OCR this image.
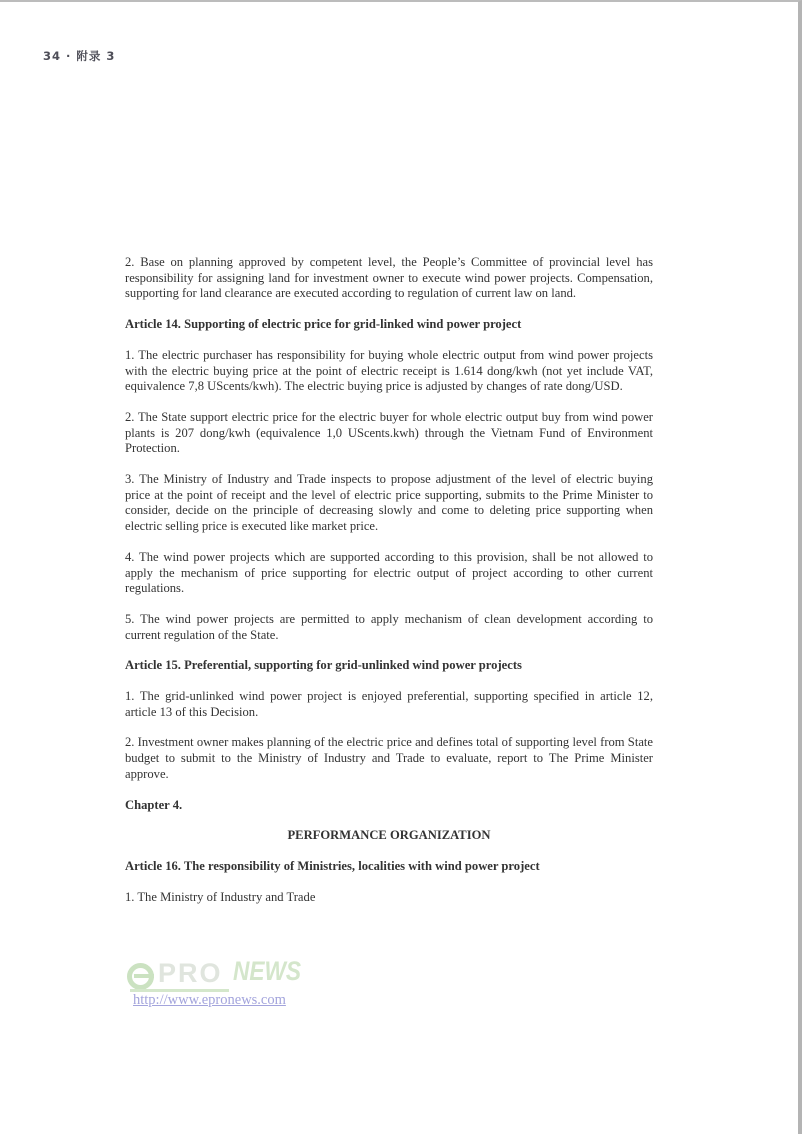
34 · 附录 3

2. Base on planning approved by competent level, the People’s Committee of provincial level has responsibility for assigning land for investment owner to execute wind power projects. Compensation, supporting for land clearance are executed according to regulation of current law on land.

Article 14. Supporting of electric price for grid-linked wind power project

1. The electric purchaser has responsibility for buying whole electric output from wind power projects with the electric buying price at the point of electric receipt is 1.614 dong/kwh (not yet include VAT, equivalence 7,8 UScents/kwh). The electric buying price is adjusted by changes of rate dong/USD.

2. The State support electric price for the electric buyer for whole electric output buy from wind power plants is 207 dong/kwh (equivalence 1,0 UScents.kwh) through the Vietnam Fund of Environment Protection.

3. The Ministry of Industry and Trade inspects to propose adjustment of the level of electric buying price at the point of receipt and the level of electric price supporting, submits to the Prime Minister to consider, decide on the principle of decreasing slowly and come to deleting price supporting when electric selling price is executed like market price.

4. The wind power projects which are supported according to this provision, shall be not allowed to apply the mechanism of price supporting for electric output of project according to other current regulations.

5. The wind power projects are permitted to apply mechanism of clean development according to current regulation of the State.

Article 15. Preferential, supporting for grid-unlinked wind power projects

1. The grid-unlinked wind power project is enjoyed preferential, supporting specified in article 12, article 13 of this Decision.

2. Investment owner makes planning of the electric price and defines total of supporting level from State budget to submit to the Ministry of Industry and Trade to evaluate, report to The Prime Minister approve.

Chapter 4.

PERFORMANCE ORGANIZATION

Article 16. The responsibility of Ministries, localities with wind power project

1. The Ministry of Industry and Trade

PRO NEWS
http://www.epronews.com
